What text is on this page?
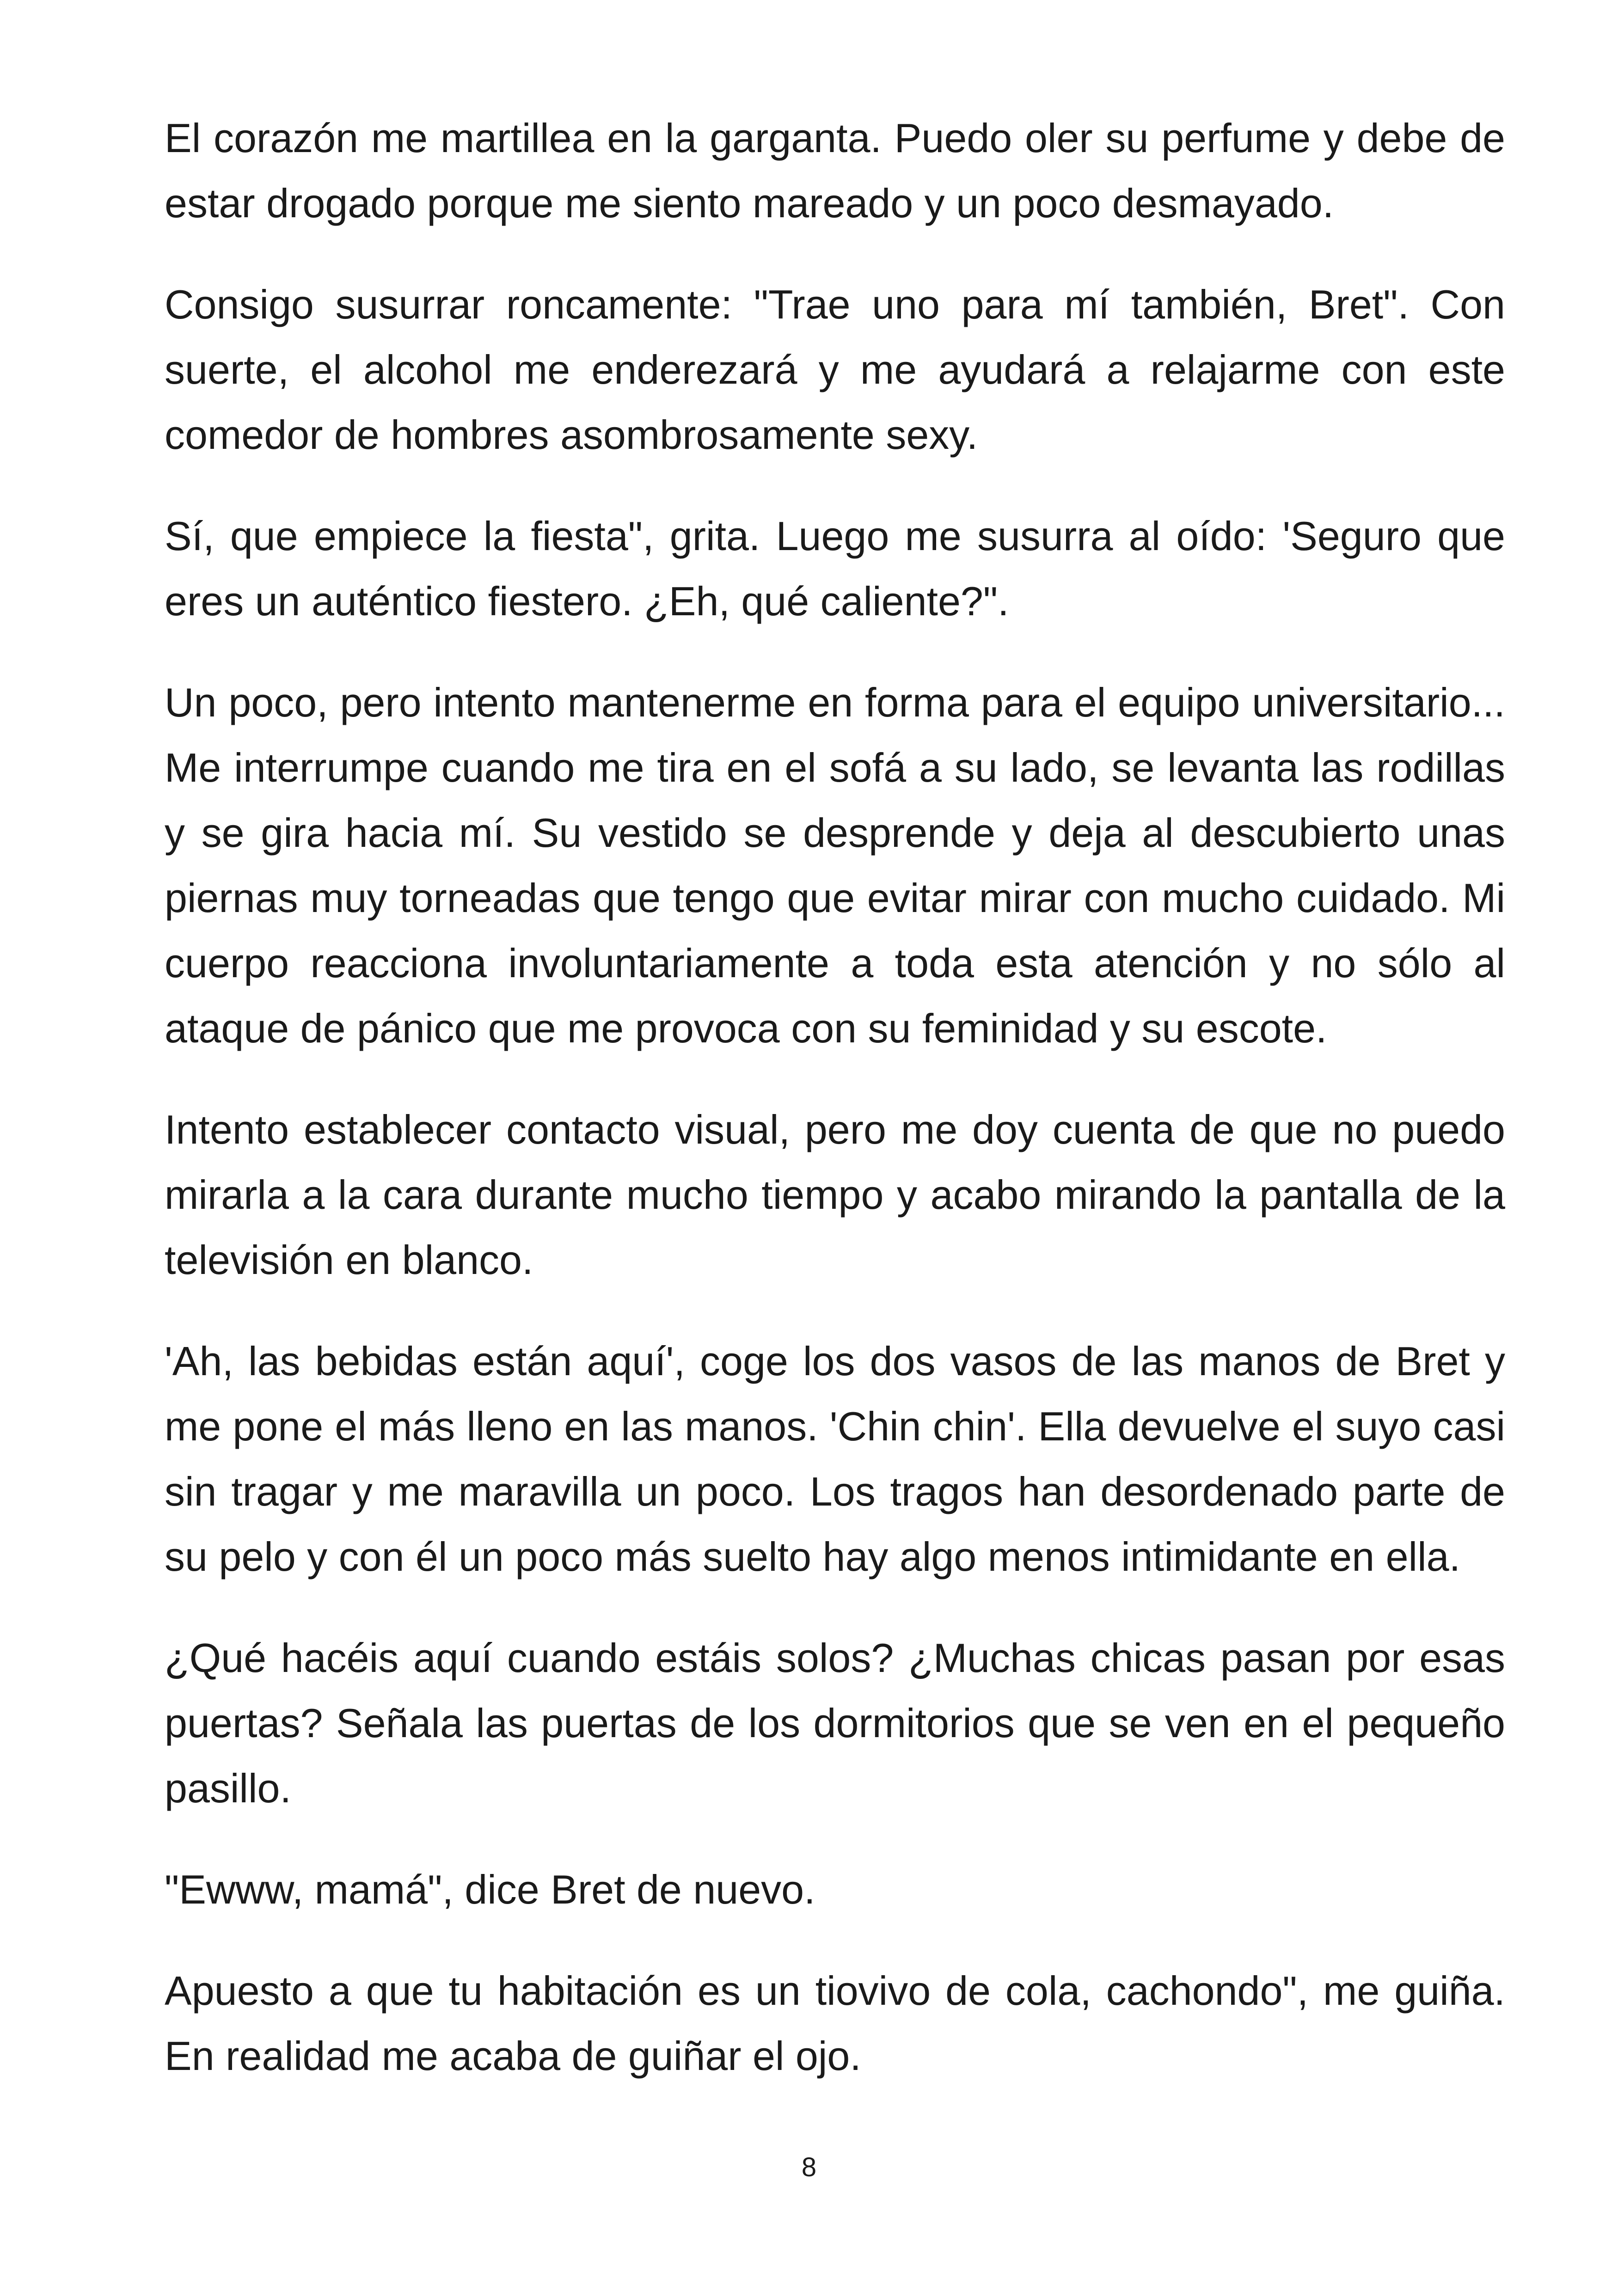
El corazón me martillea en la garganta. Puedo oler su perfume y debe de estar drogado porque me siento mareado y un poco desmayado.

Consigo susurrar roncamente: "Trae uno para mí también, Bret". Con suerte, el alcohol me enderezará y me ayudará a relajarme con este comedor de hombres asombrosamente sexy.

Sí, que empiece la fiesta", grita. Luego me susurra al oído: 'Seguro que eres un auténtico fiestero. ¿Eh, qué caliente?".

Un poco, pero intento mantenerme en forma para el equipo universitario... Me interrumpe cuando me tira en el sofá a su lado, se levanta las rodillas y se gira hacia mí. Su vestido se desprende y deja al descubierto unas piernas muy torneadas que tengo que evitar mirar con mucho cuidado. Mi cuerpo reacciona involuntariamente a toda esta atención y no sólo al ataque de pánico que me provoca con su feminidad y su escote.

Intento establecer contacto visual, pero me doy cuenta de que no puedo mirarla a la cara durante mucho tiempo y acabo mirando la pantalla de la televisión en blanco.

'Ah, las bebidas están aquí', coge los dos vasos de las manos de Bret y me pone el más lleno en las manos. 'Chin chin'. Ella devuelve el suyo casi sin tragar y me maravilla un poco. Los tragos han desordenado parte de su pelo y con él un poco más suelto hay algo menos intimidante en ella.

¿Qué hacéis aquí cuando estáis solos? ¿Muchas chicas pasan por esas puertas? Señala las puertas de los dormitorios que se ven en el pequeño pasillo.

"Ewww, mamá", dice Bret de nuevo.

Apuesto a que tu habitación es un tiovivo de cola, cachondo", me guiña. En realidad me acaba de guiñar el ojo.

8
